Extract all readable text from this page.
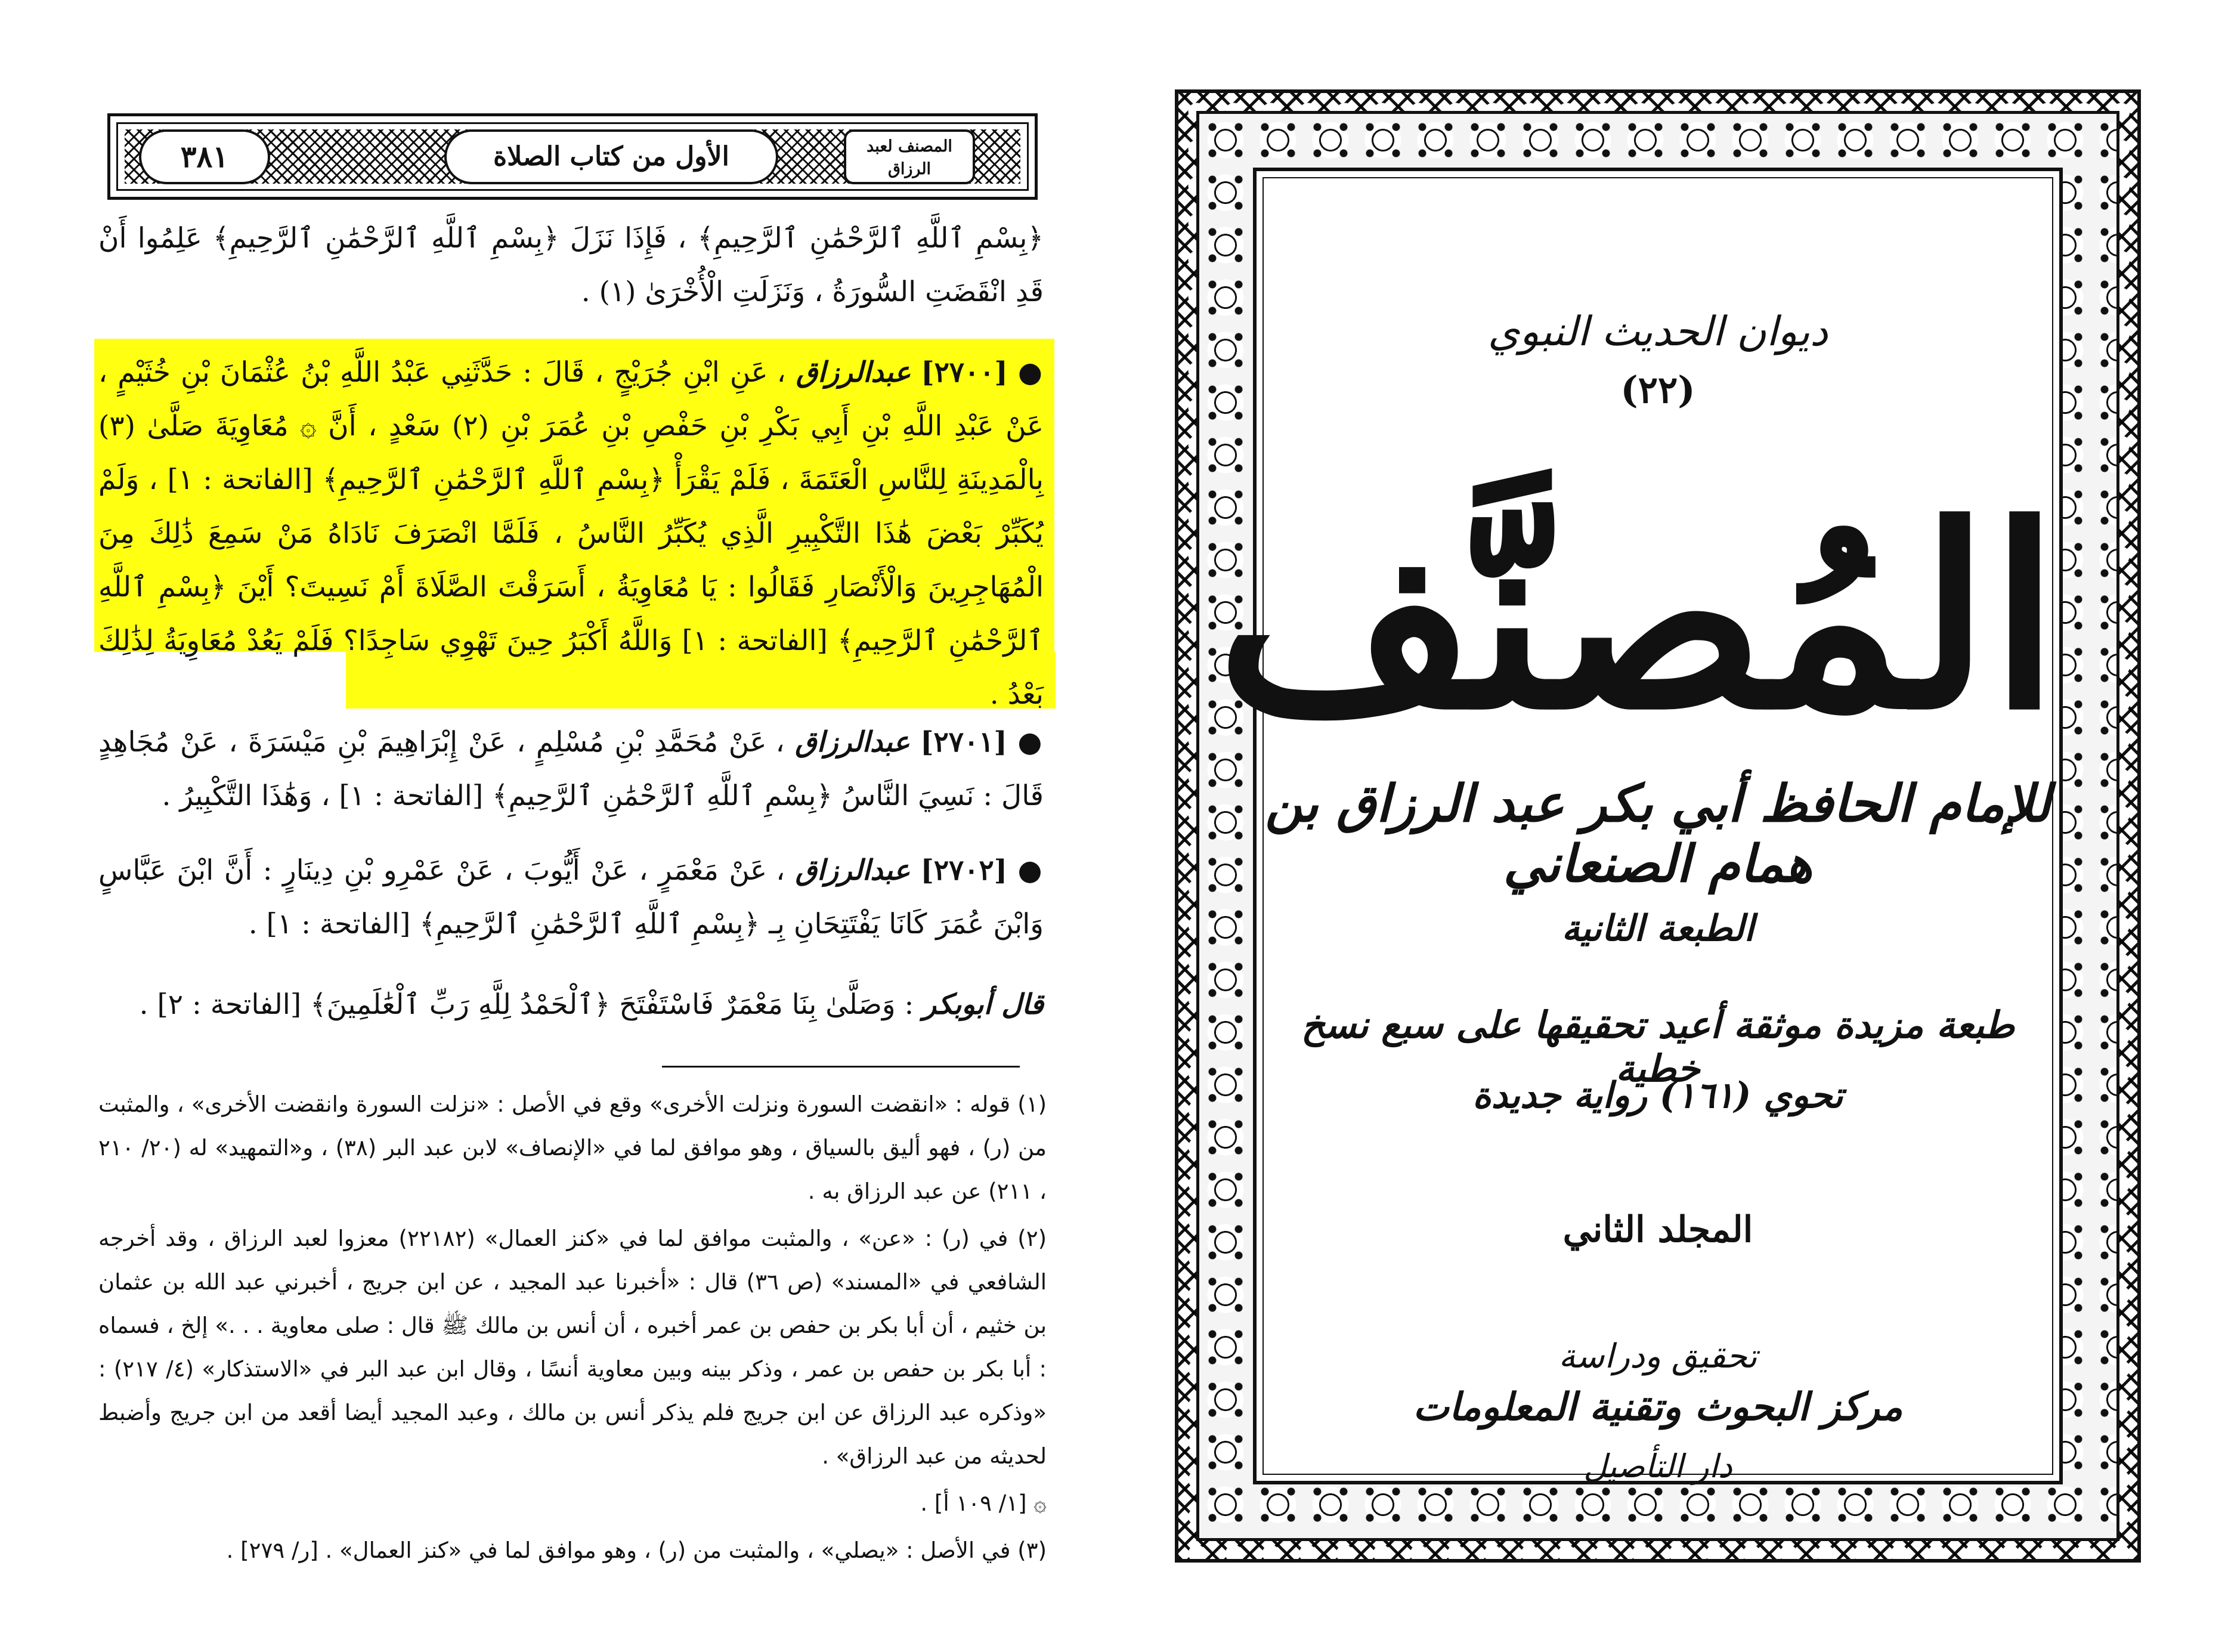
٣٨١	الأول من كتاب الصلاة	المصنف لعبد الرزاق
﴿بِسْمِ ٱللَّهِ ٱلرَّحْمَٰنِ ٱلرَّحِيمِ﴾ ، فَإِذَا نَزَلَ ﴿بِسْمِ ٱللَّهِ ٱلرَّحْمَٰنِ ٱلرَّحِيمِ﴾ عَلِمُوا أَنْ قَدِ انْقَضَتِ السُّورَةُ ، وَنَزَلَتِ الْأُخْرَىٰ (١) .
● [٢٧٠٠] عبدالرزاق ، عَنِ ابْنِ جُرَيْجٍ ، قَالَ : حَدَّثَنِي عَبْدُ اللَّهِ بْنُ عُثْمَانَ بْنِ خُثَيْمٍ ، عَنْ عَبْدِ اللَّهِ بْنِ أَبِي بَكْرِ بْنِ حَفْصِ بْنِ عُمَرَ بْنِ (٢) سَعْدٍ ، أَنَّ ۞ مُعَاوِيَةَ صَلَّىٰ (٣) بِالْمَدِينَةِ لِلنَّاسِ الْعَتَمَةَ ، فَلَمْ يَقْرَأْ ﴿بِسْمِ ٱللَّهِ ٱلرَّحْمَٰنِ ٱلرَّحِيمِ﴾ [الفاتحة : ١] ، وَلَمْ يُكَبِّرْ بَعْضَ هَٰذَا التَّكْبِيرِ الَّذِي يُكَبِّرُ النَّاسُ ، فَلَمَّا انْصَرَفَ نَادَاهُ مَنْ سَمِعَ ذَٰلِكَ مِنَ الْمُهَاجِرِينَ وَالْأَنْصَارِ فَقَالُوا : يَا مُعَاوِيَةُ ، أَسَرَقْتَ الصَّلَاةَ أَمْ نَسِيتَ؟ أَيْنَ ﴿بِسْمِ ٱللَّهِ ٱلرَّحْمَٰنِ ٱلرَّحِيمِ﴾ [الفاتحة : ١] وَاللَّهُ أَكْبَرُ حِينَ تَهْوِي سَاجِدًا؟ فَلَمْ يَعُدْ مُعَاوِيَةُ لِذَٰلِكَ بَعْدُ .
● [٢٧٠١] عبدالرزاق ، عَنْ مُحَمَّدِ بْنِ مُسْلِمٍ ، عَنْ إِبْرَاهِيمَ بْنِ مَيْسَرَةَ ، عَنْ مُجَاهِدٍ قَالَ : نَسِيَ النَّاسُ ﴿بِسْمِ ٱللَّهِ ٱلرَّحْمَٰنِ ٱلرَّحِيمِ﴾ [الفاتحة : ١] ، وَهَٰذَا التَّكْبِيرُ .
● [٢٧٠٢] عبدالرزاق ، عَنْ مَعْمَرٍ ، عَنْ أَيُّوبَ ، عَنْ عَمْرِو بْنِ دِينَارٍ : أَنَّ ابْنَ عَبَّاسٍ وَابْنَ عُمَرَ كَانَا يَفْتَتِحَانِ بِـ ﴿بِسْمِ ٱللَّهِ ٱلرَّحْمَٰنِ ٱلرَّحِيمِ﴾ [الفاتحة : ١] .
قال أبوبكر : وَصَلَّىٰ بِنَا مَعْمَرٌ فَاسْتَفْتَحَ ﴿ٱلْحَمْدُ لِلَّهِ رَبِّ ٱلْعَٰلَمِينَ﴾ [الفاتحة : ٢] .

(١) قوله : «انقضت السورة ونزلت الأخرى» وقع في الأصل : «نزلت السورة وانقضت الأخرى» ، والمثبت من (ر) ، فهو أليق بالسياق ، وهو موافق لما في «الإنصاف» لابن عبد البر (٣٨) ، و«التمهيد» له (٢٠/ ٢١٠ ، ٢١١) عن عبد الرزاق به .

(٢) في (ر) : «عن» ، والمثبت موافق لما في «كنز العمال» (٢٢١٨٢) معزوا لعبد الرزاق ، وقد أخرجه الشافعي في «المسند» (ص ٣٦) قال : «أخبرنا عبد المجيد ، عن ابن جريج ، أخبرني عبد الله بن عثمان بن خثيم ، أن أبا بكر بن حفص بن عمر أخبره ، أن أنس بن مالك ﷺ قال : صلى معاوية . . .» إلخ ، فسماه : أبا بكر بن حفص بن عمر ، وذكر بينه وبين معاوية أنسًا ، وقال ابن عبد البر في «الاستذكار» (٤/ ٢١٧) : «وذكره عبد الرزاق عن ابن جريج فلم يذكر أنس بن مالك ، وعبد المجيد أيضا أقعد من ابن جريج وأضبط لحديثه من عبد الرزاق» .

۞ [١/ ١٠٩ أ] .

(٣) في الأصل : «يصلي» ، والمثبت من (ر) ، وهو موافق لما في «كنز العمال» . [ر/ ٢٧٩] .

ديوان الحديث النبوي
(٢٢)
المُصنَّف
للإمام الحافظ أبي بكر عبد الرزاق بن همام الصنعاني
الطبعة الثانية
طبعة مزيدة موثقة أعيد تحقيقها على سبع نسخ خطية
تحوي (١٦١) رواية جديدة
المجلد الثاني
تحقيق ودراسة
مركز البحوث وتقنية المعلومات
دار التأصيل
